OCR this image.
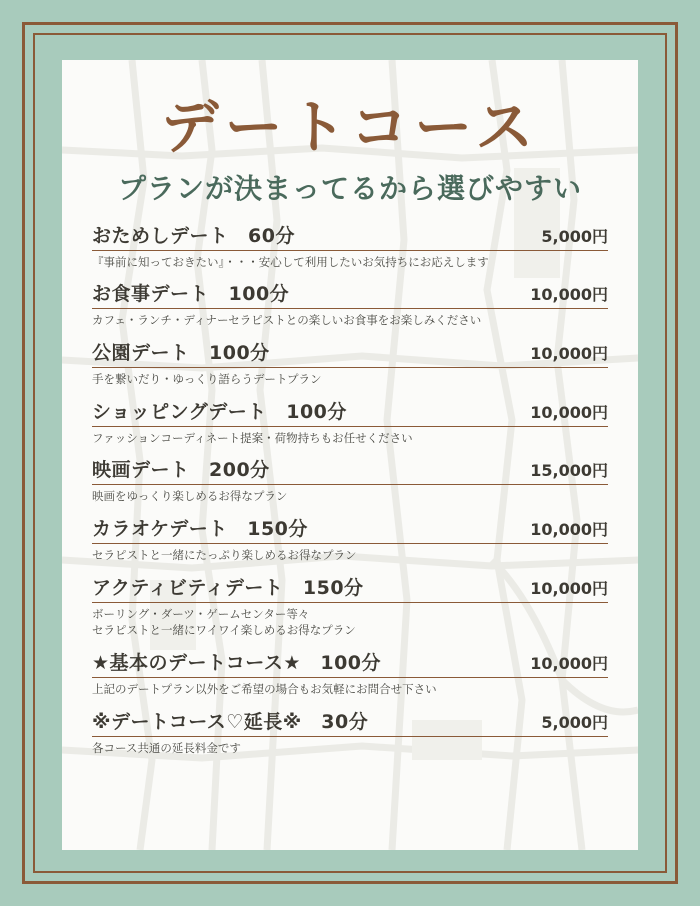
デートコース
プランが決まってるから選びやすい
おためしデート　60分	5,000円
『事前に知っておきたい』・・・安心して利用したいお気持ちにお応えします
お食事デート　100分	10,000円
カフェ・ランチ・ディナーセラピストとの楽しいお食事をお楽しみください
公園デート　100分	10,000円
手を繋いだり・ゆっくり語らうデートプラン
ショッピングデート　100分	10,000円
ファッションコーディネート提案・荷物持ちもお任せください
映画デート　200分	15,000円
映画をゆっくり楽しめるお得なプラン
カラオケデート　150分	10,000円
セラピストと一緒にたっぷり楽しめるお得なプラン
アクティビティデート　150分	10,000円
ボーリング・ダーツ・ゲームセンター等々
セラピストと一緒にワイワイ楽しめるお得なプラン
★基本のデートコース★　100分	10,000円
上記のデートプラン以外をご希望の場合もお気軽にお問合せ下さい
※デートコース♡延長※　30分	5,000円
各コース共通の延長料金です
